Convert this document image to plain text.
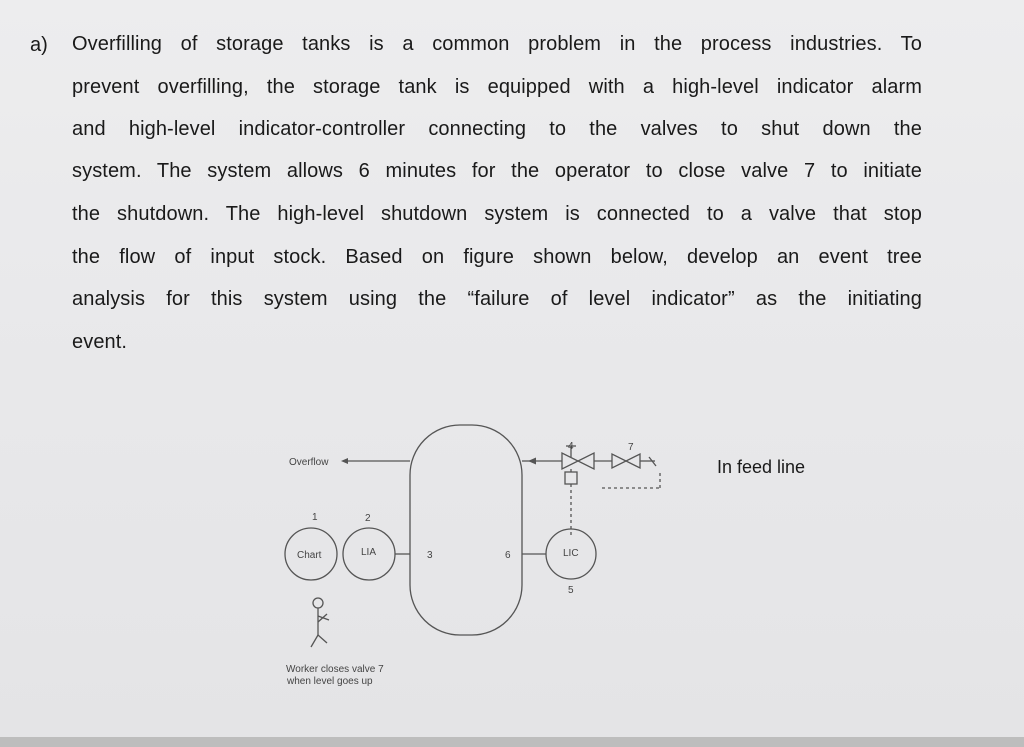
a) Overfilling of storage tanks is a common problem in the process industries. To
prevent overfilling, the storage tank is equipped with a high-level indicator alarm
and high-level indicator-controller connecting to the valves to shut down the
system. The system allows 6 minutes for the operator to close valve 7 to initiate
the shutdown. The high-level shutdown system is connected to a valve that stop
the flow of input stock. Based on figure shown below, develop an event tree
analysis for this system using the “failure of level indicator” as the initiating
event.
Overflow
Chart	LIA	LIC
1	2
3
4
5
6
7
Worker closes valve 7
when level goes up
In feed line
